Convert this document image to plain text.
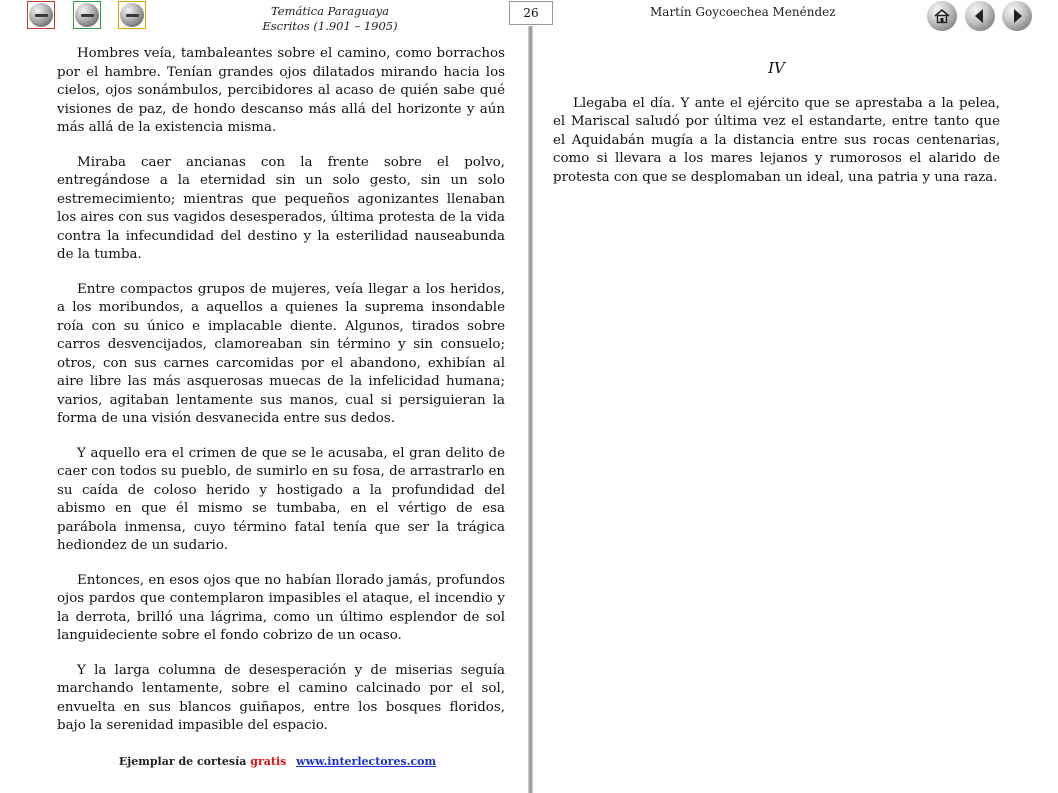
Temática Paraguaya
Escritos (1.901 – 1905)
26	Martín Goycoechea Menéndez

Hombres veía, tambaleantes sobre el camino, como borrachos por el hambre. Tenían grandes ojos dilatados mirando hacia los cielos, ojos sonámbulos, percibidores al acaso de quién sabe qué visiones de paz, de hondo descanso más allá del horizonte y aún más allá de la existencia misma.

Miraba caer ancianas con la frente sobre el polvo, entregándose a la eternidad sin un solo gesto, sin un solo estremecimiento; mientras que pequeños agonizantes llenaban los aires con sus vagidos desesperados, última protesta de la vida contra la infecundidad del destino y la esterilidad nauseabunda de la tumba.

Entre compactos grupos de mujeres, veía llegar a los heridos, a los moribundos, a aquellos a quienes la suprema insondable roía con su único e implacable diente. Algunos, tirados sobre carros desvencijados, clamoreaban sin término y sin consuelo; otros, con sus carnes carcomidas por el abandono, exhibían al aire libre las más asquerosas muecas de la infelicidad humana; varios, agitaban lentamente sus manos, cual si persiguieran la forma de una visión desvanecida entre sus dedos.

Y aquello era el crimen de que se le acusaba, el gran delito de caer con todos su pueblo, de sumirlo en su fosa, de arrastrarlo en su caída de coloso herido y hostigado a la profundidad del abismo en que él mismo se tumbaba, en el vértigo de esa parábola inmensa, cuyo término fatal tenía que ser la trágica hediondez de un sudario.

Entonces, en esos ojos que no habían llorado jamás, profundos ojos pardos que contemplaron impasibles el ataque, el incendio y la derrota, brilló una lágrima, como un último esplendor de sol languideciente sobre el fondo cobrizo de un ocaso.

Y la larga columna de desesperación y de miserias seguía marchando lentamente, sobre el camino calcinado por el sol, envuelta en sus blancos guiñapos, entre los bosques floridos, bajo la serenidad impasible del espacio.

IV

Llegaba el día. Y ante el ejército que se aprestaba a la pelea, el Mariscal saludó por última vez el estandarte, entre tanto que el Aquidabán mugía a la distancia entre sus rocas centenarias, como si llevara a los mares lejanos y rumorosos el alarido de protesta con que se desplomaban un ideal, una patria y una raza.

Ejemplar de cortesía gratis www.interlectores.com
